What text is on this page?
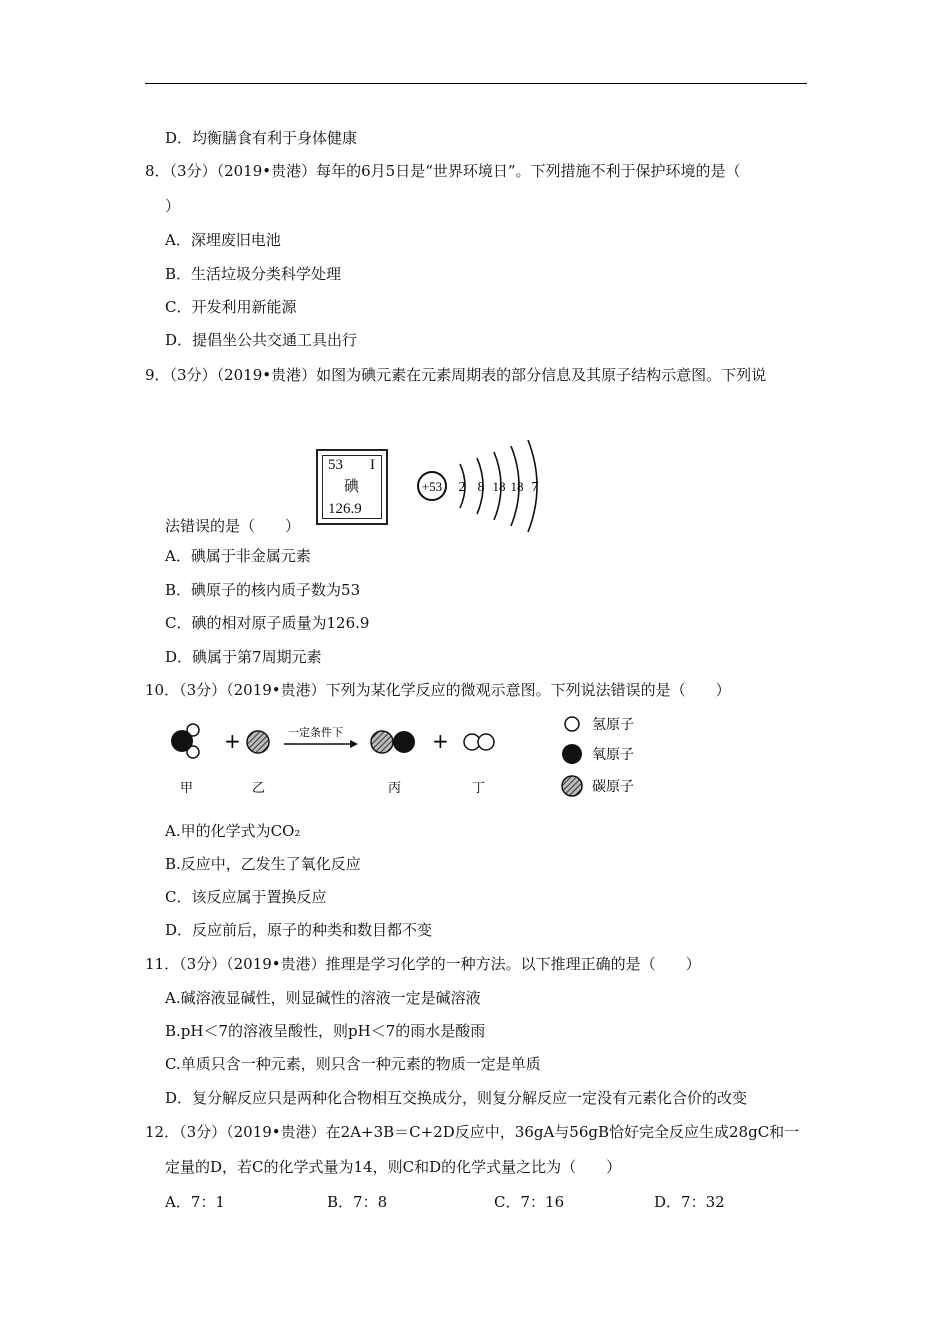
D．均衡膳食有利于身体健康
8．（3分）（2019•贵港）每年的6月5日是“世界环境日”。下列措施不利于保护环境的是（
）
A．深埋废旧电池
B．生活垃圾分类科学处理
C．开发利用新能源
D．提倡坐公共交通工具出行
9．（3分）（2019•贵港）如图为碘元素在元素周期表的部分信息及其原子结构示意图。下列说
53 I
碘
126.9
+53 2 8 18 18 7
法错误的是（　　）
A．碘属于非金属元素
B．碘原子的核内质子数为53
C．碘的相对原子质量为126.9
D．碘属于第7周期元素
10．（3分）（2019•贵港）下列为某化学反应的微观示意图。下列说法错误的是（　　）
+	一定条件下	+
甲	乙	丙	丁
氢原子
氧原子
碳原子
A.甲的化学式为CO₂
B.反应中，乙发生了氧化反应
C．该反应属于置换反应
D．反应前后，原子的种类和数目都不变
11．（3分）（2019•贵港）推理是学习化学的一种方法。以下推理正确的是（　　）
A.碱溶液显碱性，则显碱性的溶液一定是碱溶液
B.pH＜7的溶液呈酸性，则pH＜7的雨水是酸雨
C.单质只含一种元素，则只含一种元素的物质一定是单质
D．复分解反应只是两种化合物相互交换成分，则复分解反应一定没有元素化合价的改变
12．（3分）（2019•贵港）在2A+3B＝C+2D反应中，36gA与56gB恰好完全反应生成28gC和一
定量的D，若C的化学式量为14，则C和D的化学式量之比为（　　）
A．7：1	B．7：8	C．7：16	D．7：32
